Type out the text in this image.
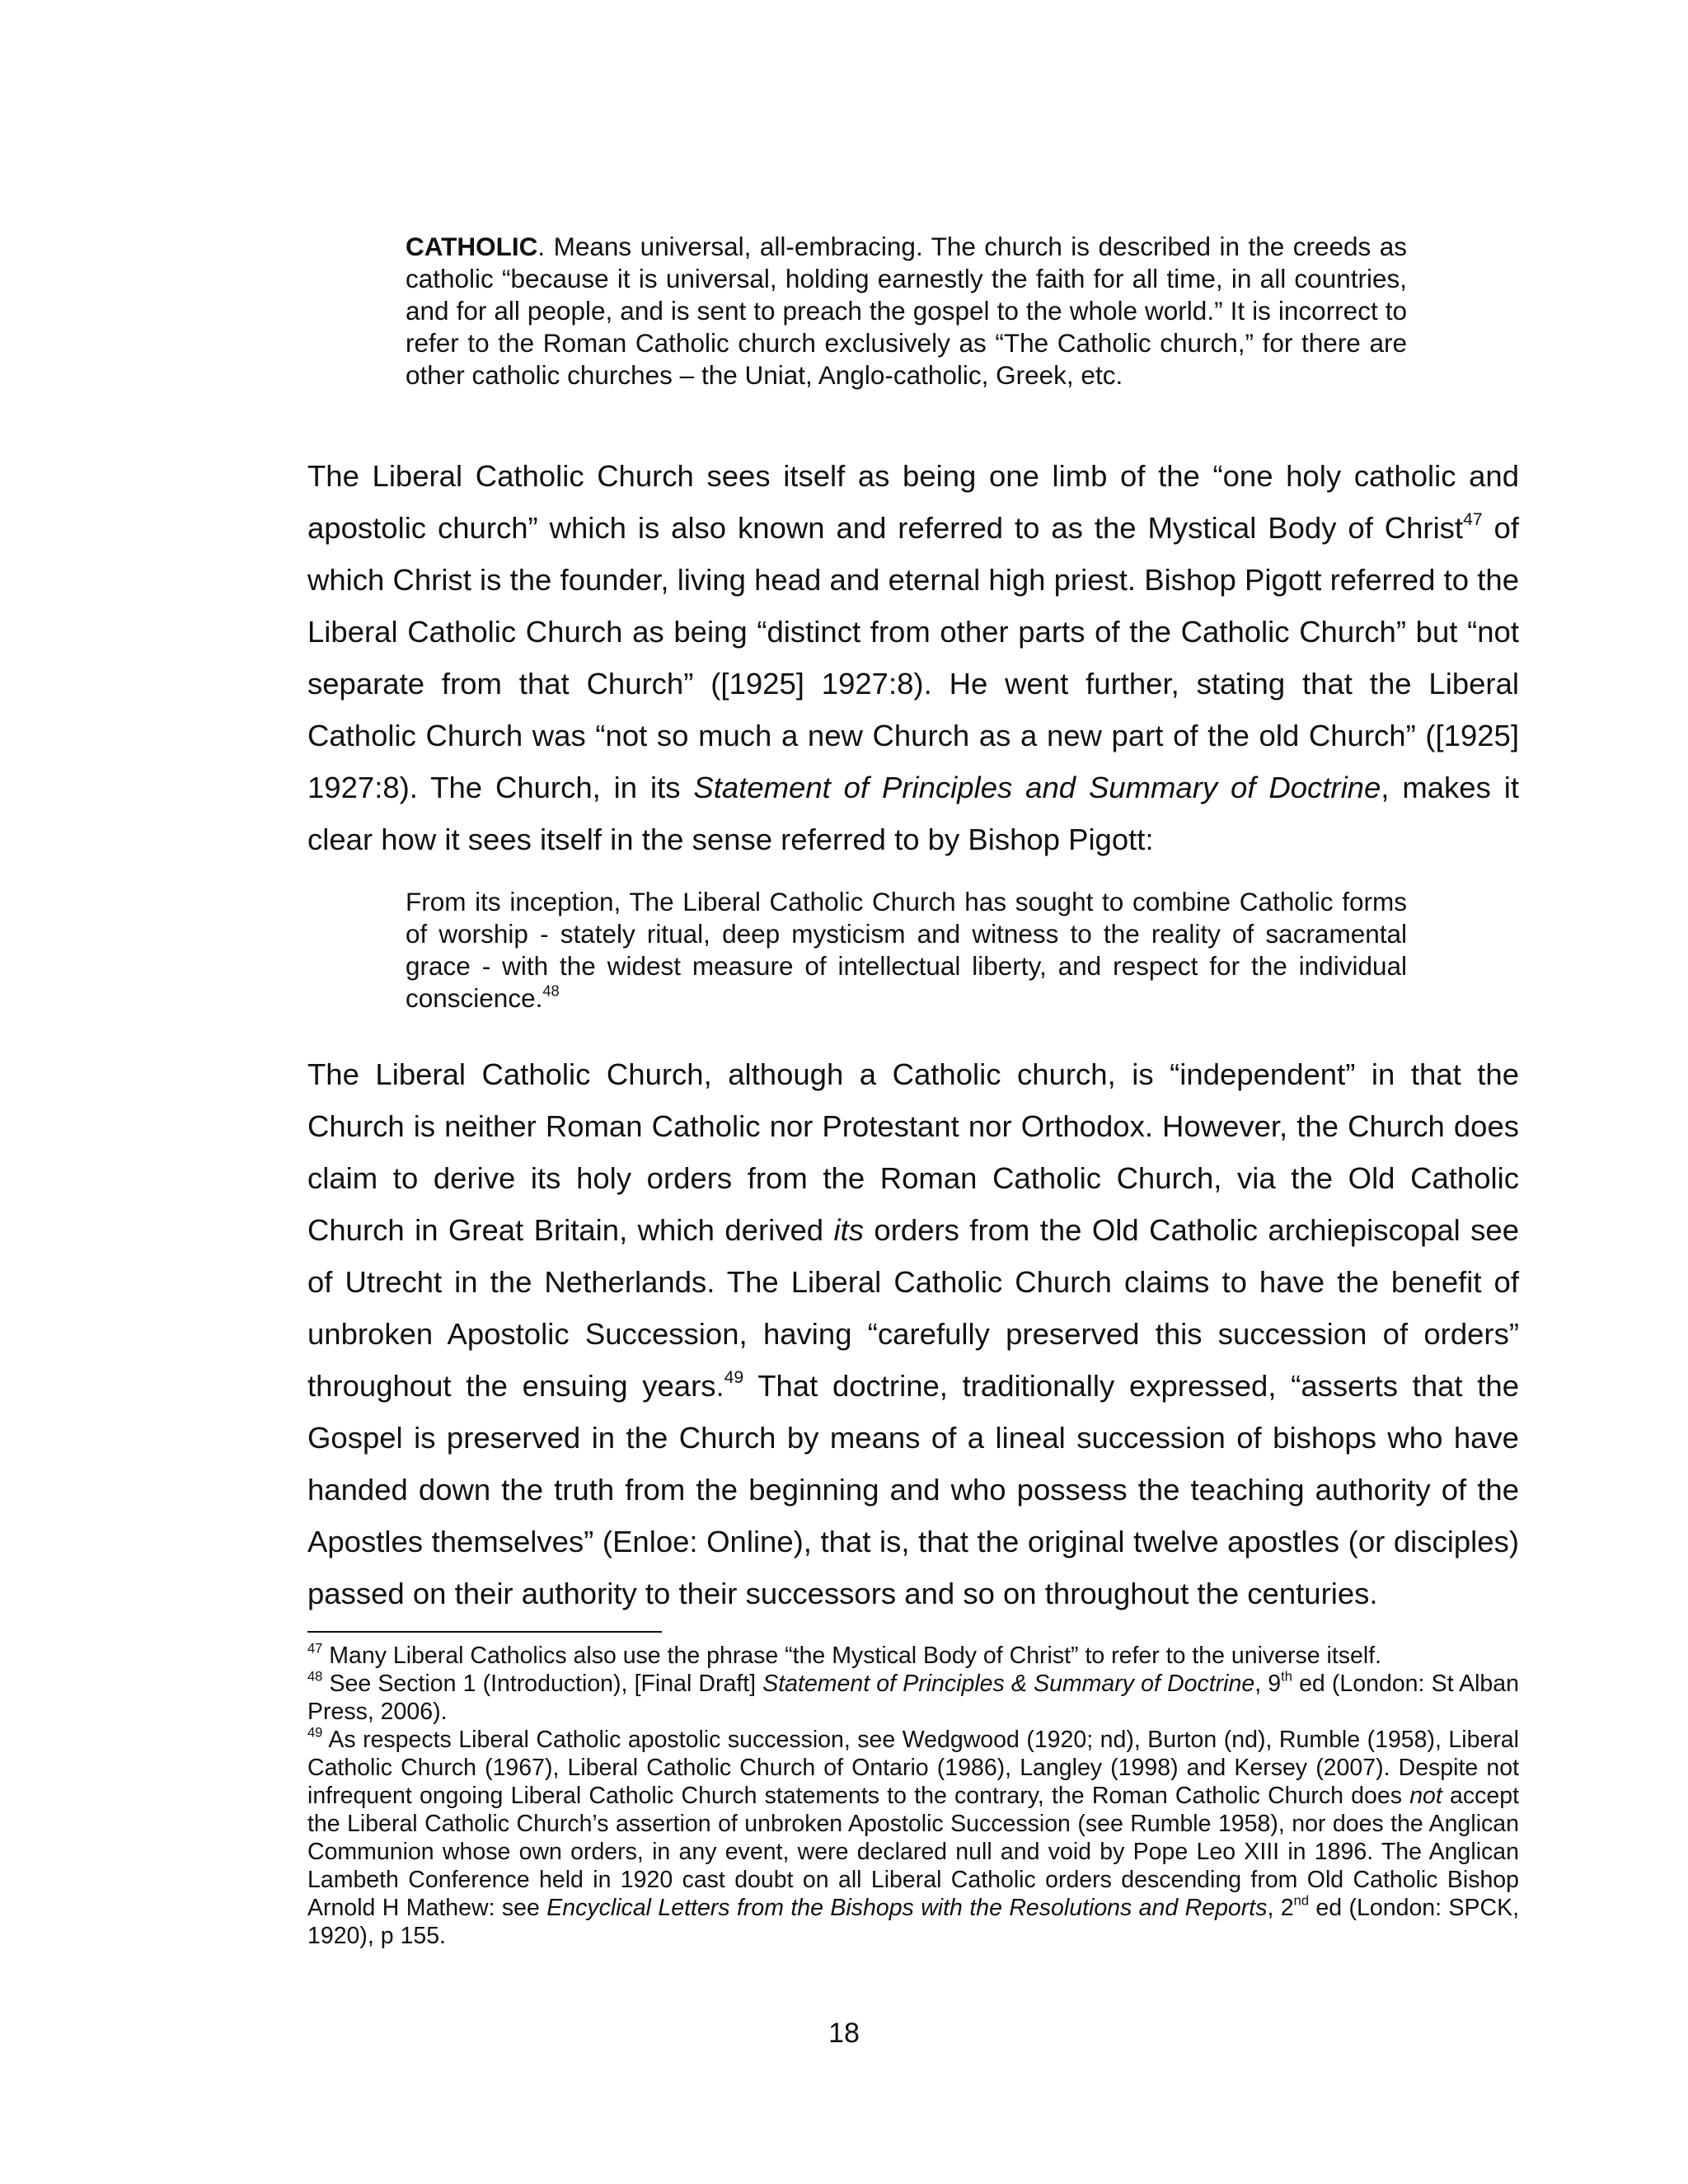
CATHOLIC. Means universal, all-embracing. The church is described in the creeds as catholic “because it is universal, holding earnestly the faith for all time, in all countries, and for all people, and is sent to preach the gospel to the whole world.” It is incorrect to refer to the Roman Catholic church exclusively as “The Catholic church,” for there are other catholic churches – the Uniat, Anglo-catholic, Greek, etc.
The Liberal Catholic Church sees itself as being one limb of the “one holy catholic and apostolic church” which is also known and referred to as the Mystical Body of Christ$^{47}$ of which Christ is the founder, living head and eternal high priest. Bishop Pigott referred to the Liberal Catholic Church as being “distinct from other parts of the Catholic Church” but “not separate from that Church” ([1925] 1927:8). He went further, stating that the Liberal Catholic Church was “not so much a new Church as a new part of the old Church” ([1925] 1927:8). The Church, in its Statement of Principles and Summary of Doctrine, makes it clear how it sees itself in the sense referred to by Bishop Pigott:
From its inception, The Liberal Catholic Church has sought to combine Catholic forms of worship - stately ritual, deep mysticism and witness to the reality of sacramental grace - with the widest measure of intellectual liberty, and respect for the individual conscience.$^{48}$
The Liberal Catholic Church, although a Catholic church, is “independent” in that the Church is neither Roman Catholic nor Protestant nor Orthodox. However, the Church does claim to derive its holy orders from the Roman Catholic Church, via the Old Catholic Church in Great Britain, which derived its orders from the Old Catholic archiepiscopal see of Utrecht in the Netherlands. The Liberal Catholic Church claims to have the benefit of unbroken Apostolic Succession, having “carefully preserved this succession of orders” throughout the ensuing years.$^{49}$ That doctrine, traditionally expressed, “asserts that the Gospel is preserved in the Church by means of a lineal succession of bishops who have handed down the truth from the beginning and who possess the teaching authority of the Apostles themselves” (Enloe: Online), that is, that the original twelve apostles (or disciples) passed on their authority to their successors and so on throughout the centuries.

$^{47}$ Many Liberal Catholics also use the phrase “the Mystical Body of Christ” to refer to the universe itself.

$^{48}$ See Section 1 (Introduction), [Final Draft] Statement of Principles & Summary of Doctrine, 9th ed (London: St Alban Press, 2006).

$^{49}$ As respects Liberal Catholic apostolic succession, see Wedgwood (1920; nd), Burton (nd), Rumble (1958), Liberal Catholic Church (1967), Liberal Catholic Church of Ontario (1986), Langley (1998) and Kersey (2007). Despite not infrequent ongoing Liberal Catholic Church statements to the contrary, the Roman Catholic Church does not accept the Liberal Catholic Church’s assertion of unbroken Apostolic Succession (see Rumble 1958), nor does the Anglican Communion whose own orders, in any event, were declared null and void by Pope Leo XIII in 1896. The Anglican Lambeth Conference held in 1920 cast doubt on all Liberal Catholic orders descending from Old Catholic Bishop Arnold H Mathew: see Encyclical Letters from the Bishops with the Resolutions and Reports, 2nd ed (London: SPCK, 1920), p 155.

18
